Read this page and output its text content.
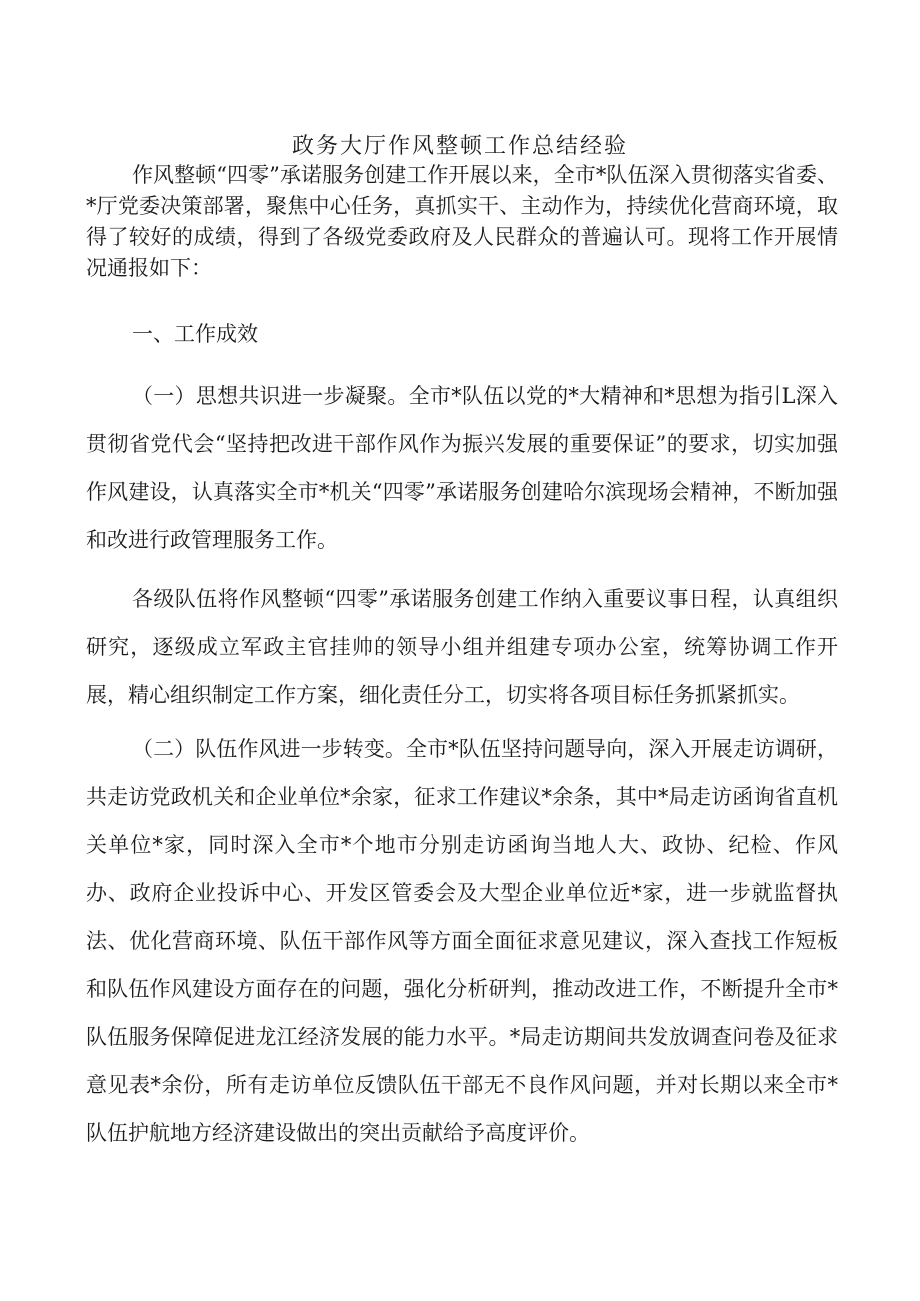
政务大厅作风整顿工作总结经验
作风整顿“四零”承诺服务创建工作开展以来，全市*队伍深入贯彻落实省委、*厅党委决策部署，聚焦中心任务，真抓实干、主动作为，持续优化营商环境，取得了较好的成绩，得到了各级党委政府及人民群众的普遍认可。现将工作开展情况通报如下：
一、工作成效
（一）思想共识进一步凝聚。全市*队伍以党的*大精神和*思想为指引L深入贯彻省党代会“坚持把改进干部作风作为振兴发展的重要保证”的要求，切实加强作风建设，认真落实全市*机关“四零”承诺服务创建哈尔滨现场会精神，不断加强和改进行政管理服务工作。
各级队伍将作风整顿“四零”承诺服务创建工作纳入重要议事日程，认真组织研究，逐级成立军政主官挂帅的领导小组并组建专项办公室，统筹协调工作开展，精心组织制定工作方案，细化责任分工，切实将各项目标任务抓紧抓实。
（二）队伍作风进一步转变。全市*队伍坚持问题导向，深入开展走访调研，共走访党政机关和企业单位*余家，征求工作建议*余条，其中*局走访函询省直机关单位*家，同时深入全市*个地市分别走访函询当地人大、政协、纪检、作风办、政府企业投诉中心、开发区管委会及大型企业单位近*家，进一步就监督执法、优化营商环境、队伍干部作风等方面全面征求意见建议，深入查找工作短板和队伍作风建设方面存在的问题，强化分析研判，推动改进工作，不断提升全市*队伍服务保障促进龙江经济发展的能力水平。*局走访期间共发放调查问卷及征求意见表*余份，所有走访单位反馈队伍干部无不良作风问题，并对长期以来全市*队伍护航地方经济建设做出的突出贡献给予高度评价。
